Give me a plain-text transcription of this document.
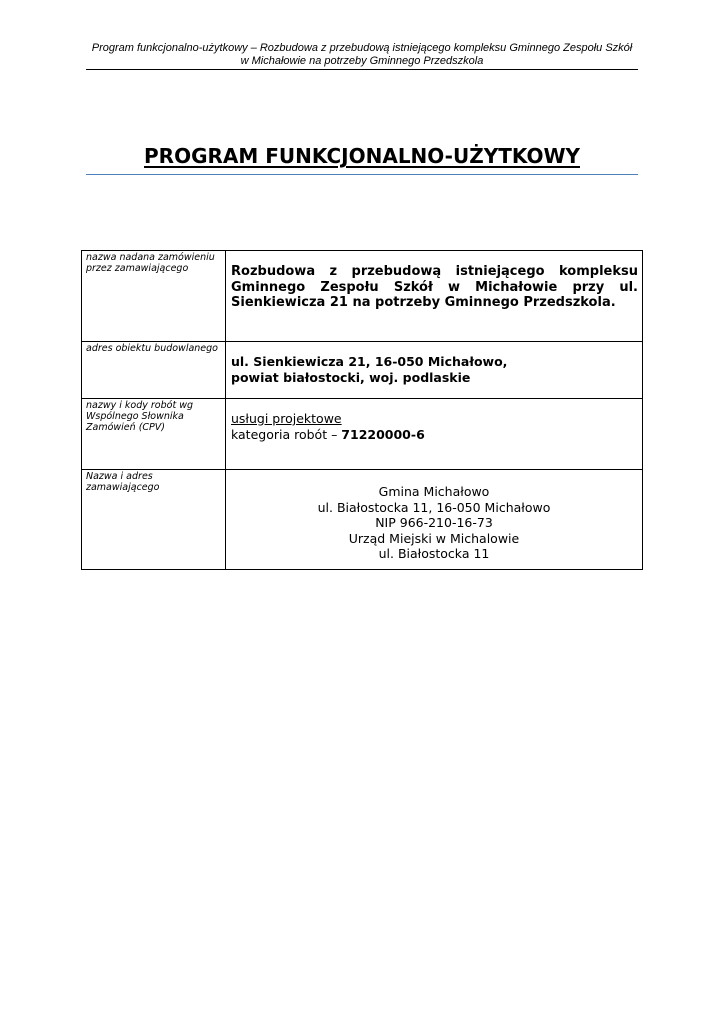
Program funkcjonalno-użytkowy – Rozbudowa z przebudową istniejącego kompleksu Gminnego Zespołu Szkół
w Michałowie na potrzeby Gminnego Przedszkola
PROGRAM FUNKCJONALNO-UŻYTKOWY
nazwa nadana zamówieniu przez zamawiającego	Rozbudowa z przebudową istniejącego kompleksu Gminnego Zespołu Szkół w Michałowie przy ul. Sienkiewicza 21 na potrzeby Gminnego Przedszkola.

adres obiektu budowlanego	ul. Sienkiewicza 21, 16-050 Michałowo,
powiat białostocki, woj. podlaskie

nazwy i kody robót wg Wspólnego Słownika Zamówień (CPV)	usługi projektowe
kategoria robót – 71220000-6

Nazwa i adres zamawiającego	Gmina Michałowo
ul. Białostocka 11, 16-050 Michałowo
NIP 966-210-16-73
Urząd Miejski w Michalowie
ul. Białostocka 11
